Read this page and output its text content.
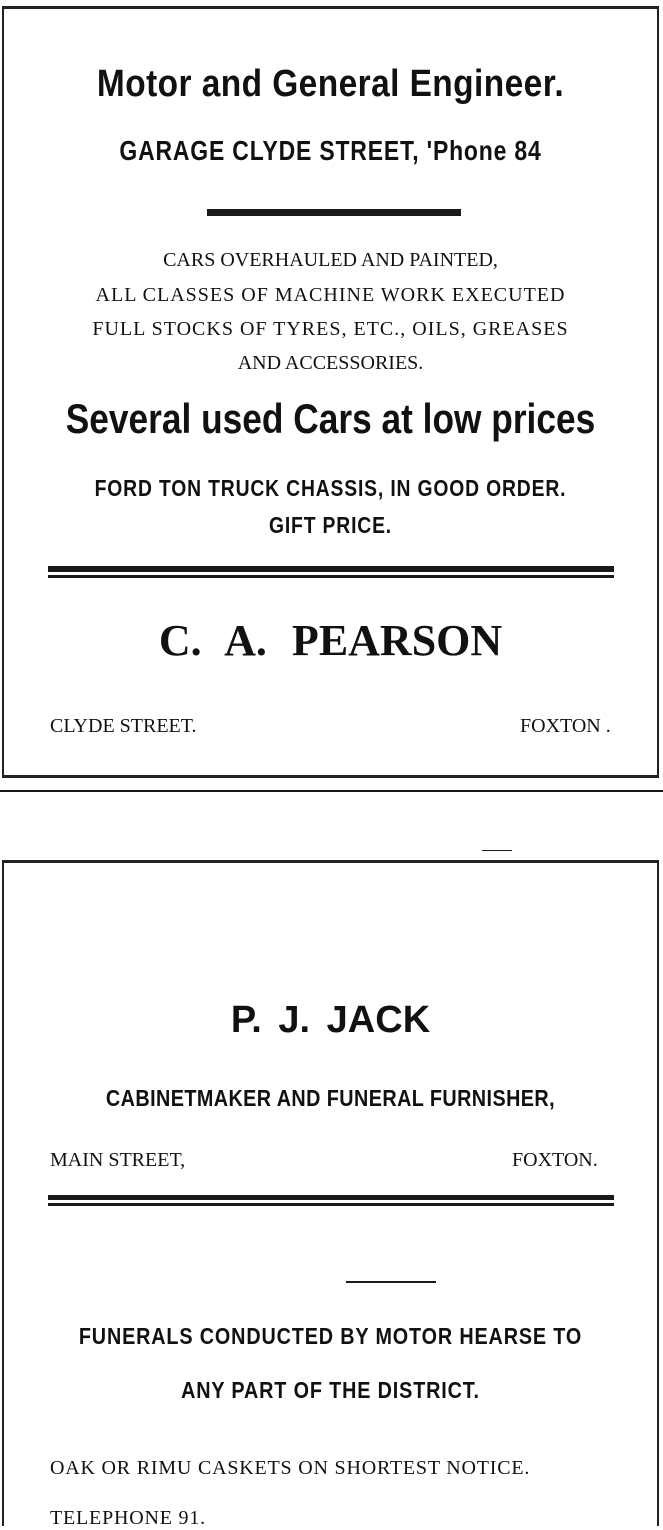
Motor and General Engineer.
GARAGE CLYDE STREET, 'Phone 84
CARS OVERHAULED AND PAINTED,
ALL CLASSES OF MACHINE WORK EXECUTED
FULL STOCKS OF TYRES, ETC., OILS, GREASES
AND ACCESSORIES.
Several used Cars at low prices
FORD TON TRUCK CHASSIS, IN GOOD ORDER.
GIFT PRICE.
C. A. PEARSON
CLYDE STREET.	FOXTON .
P. J. JACK
CABINETMAKER AND FUNERAL FURNISHER,
MAIN STREET,	FOXTON.
FUNERALS CONDUCTED BY MOTOR HEARSE TO
ANY PART OF THE DISTRICT.
OAK OR RIMU CASKETS ON SHORTEST NOTICE.
TELEPHONE 91.
